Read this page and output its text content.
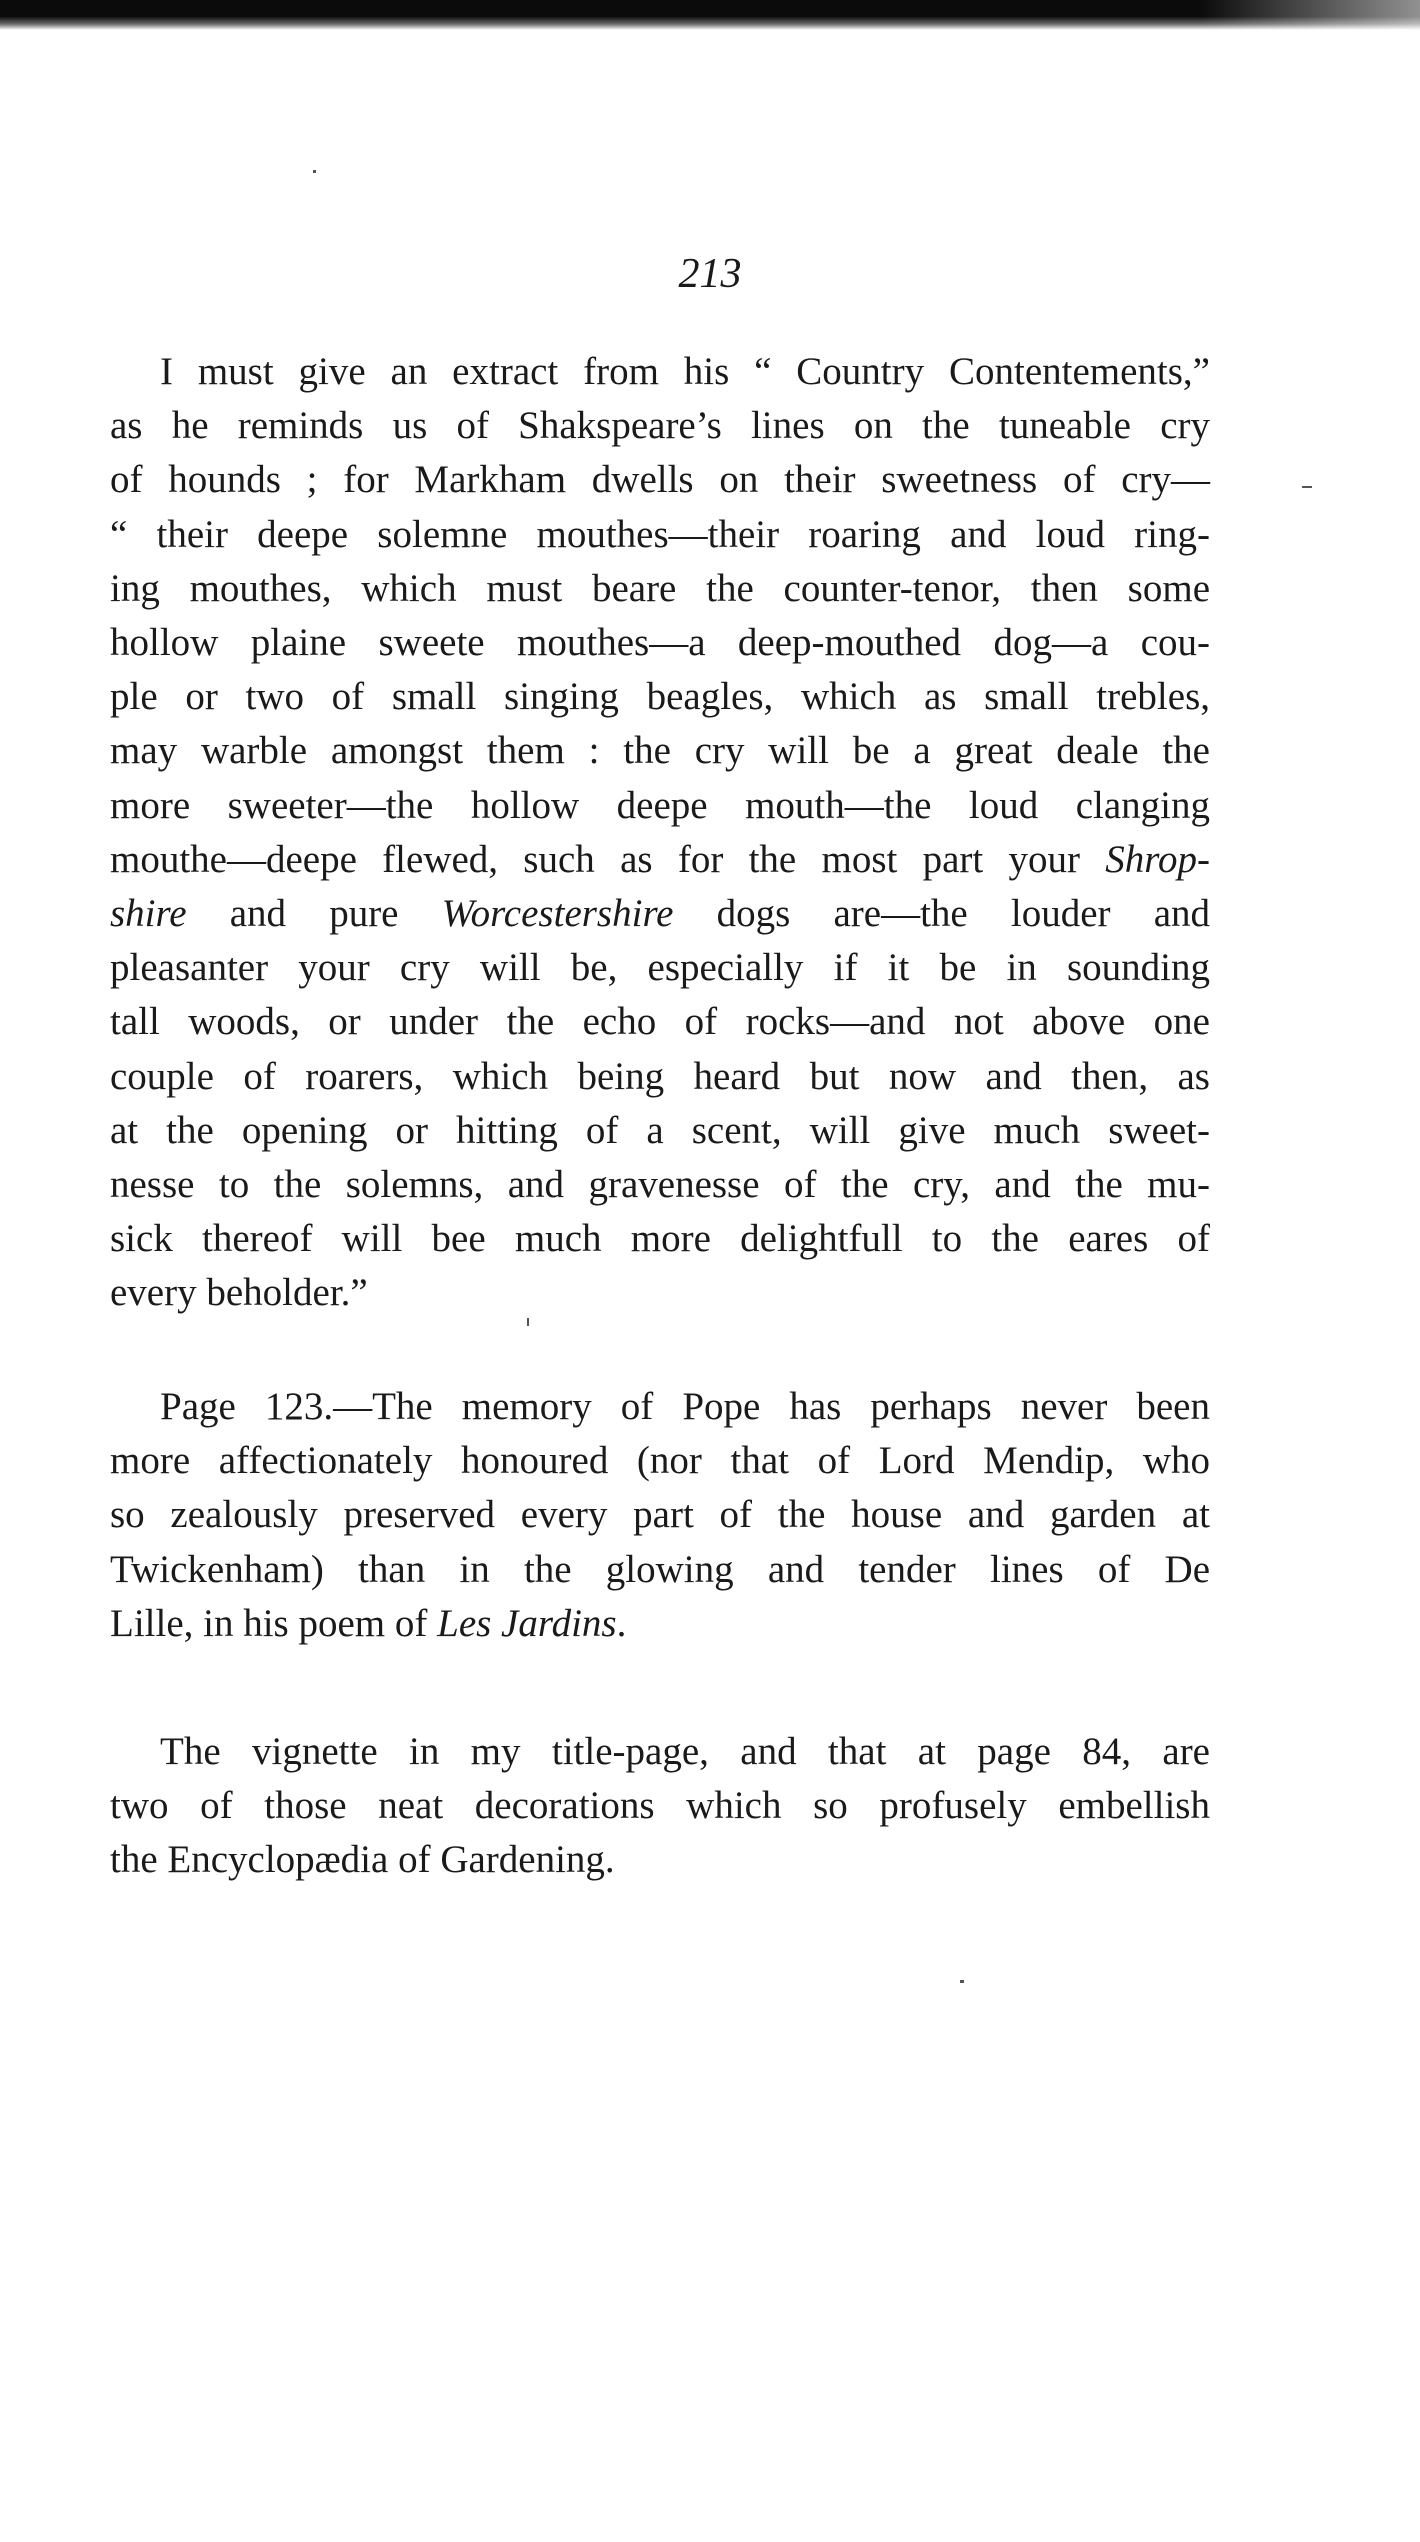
213

I must give an extract from his “ Country Contentements,”
as he reminds us of Shakspeare’s lines on the tuneable cry
of hounds ; for Markham dwells on their sweetness of cry—
“ their deepe solemne mouthes—their roaring and loud ring-
ing mouthes, which must beare the counter-tenor, then some
hollow plaine sweete mouthes—a deep-mouthed dog—a cou-
ple or two of small singing beagles, which as small trebles,
may warble amongst them : the cry will be a great deale the
more sweeter—the hollow deepe mouth—the loud clanging
mouthe—deepe flewed, such as for the most part your Shrop-
shire and pure Worcestershire dogs are—the louder and
pleasanter your cry will be, especially if it be in sounding
tall woods, or under the echo of rocks—and not above one
couple of roarers, which being heard but now and then, as
at the opening or hitting of a scent, will give much sweet-
nesse to the solemns, and gravenesse of the cry, and the mu-
sick thereof will bee much more delightfull to the eares of
every beholder.”

Page 123.—The memory of Pope has perhaps never been
more affectionately honoured (nor that of Lord Mendip, who
so zealously preserved every part of the house and garden at
Twickenham) than in the glowing and tender lines of De
Lille, in his poem of Les Jardins.

The vignette in my title-page, and that at page 84, are
two of those neat decorations which so profusely embellish
the Encyclopædia of Gardening.
